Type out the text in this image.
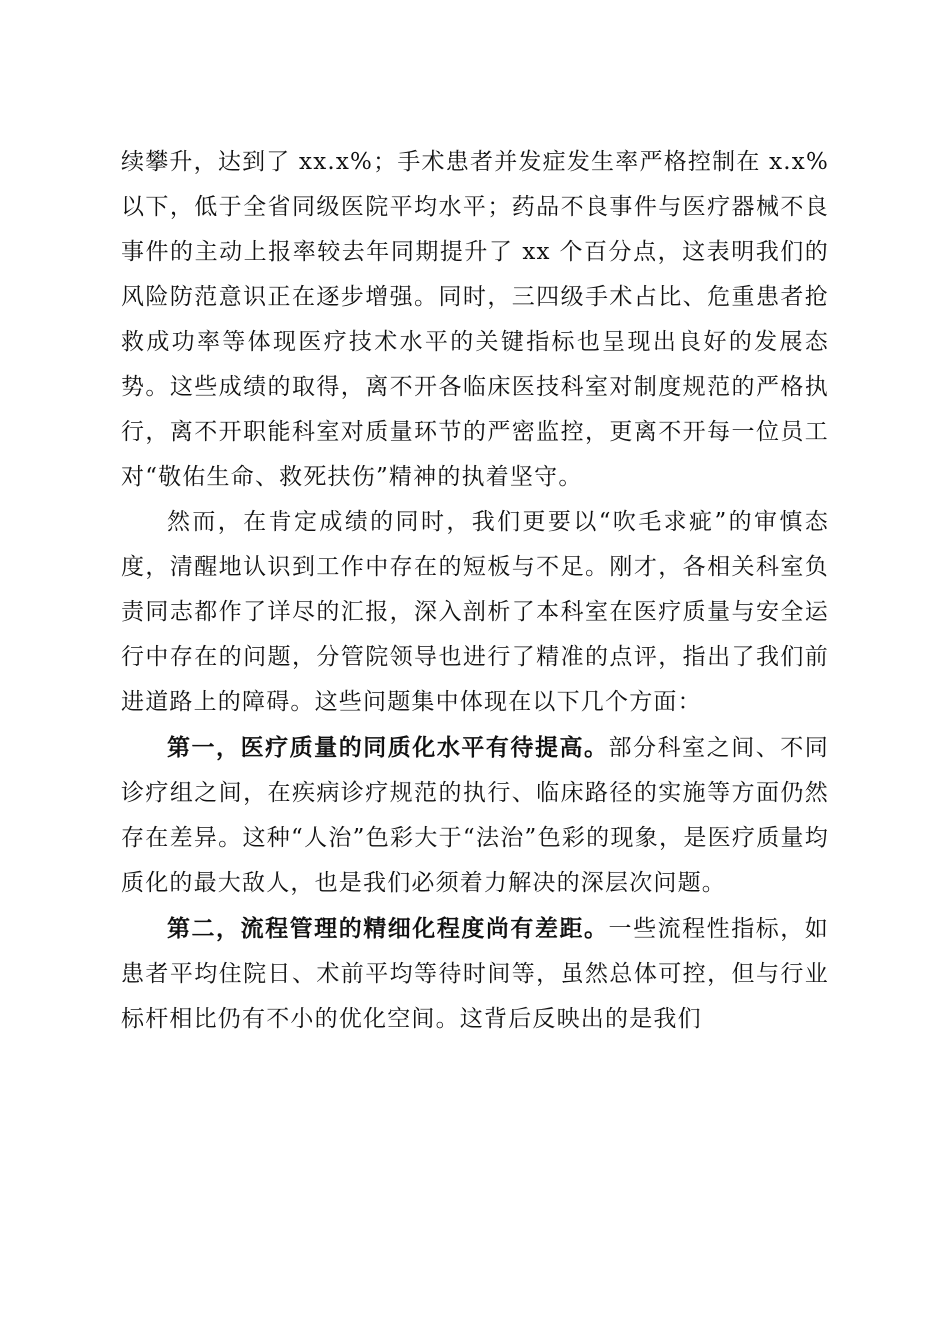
续攀升，达到了 xx.x%；手术患者并发症发生率严格控制在 x.x%以下，低于全省同级医院平均水平；药品不良事件与医疗器械不良事件的主动上报率较去年同期提升了 xx 个百分点，这表明我们的风险防范意识正在逐步增强。同时，三四级手术占比、危重患者抢救成功率等体现医疗技术水平的关键指标也呈现出良好的发展态势。这些成绩的取得，离不开各临床医技科室对制度规范的严格执行，离不开职能科室对质量环节的严密监控，更离不开每一位员工对“敬佑生命、救死扶伤”精神的执着坚守。

然而，在肯定成绩的同时，我们更要以“吹毛求疵”的审慎态度，清醒地认识到工作中存在的短板与不足。刚才，各相关科室负责同志都作了详尽的汇报，深入剖析了本科室在医疗质量与安全运行中存在的问题，分管院领导也进行了精准的点评，指出了我们前进道路上的障碍。这些问题集中体现在以下几个方面：

第一，医疗质量的同质化水平有待提高。部分科室之间、不同诊疗组之间，在疾病诊疗规范的执行、临床路径的实施等方面仍然存在差异。这种“人治”色彩大于“法治”色彩的现象，是医疗质量均质化的最大敌人，也是我们必须着力解决的深层次问题。

第二，流程管理的精细化程度尚有差距。一些流程性指标，如患者平均住院日、术前平均等待时间等，虽然总体可控，但与行业标杆相比仍有不小的优化空间。这背后反映出的是我们
